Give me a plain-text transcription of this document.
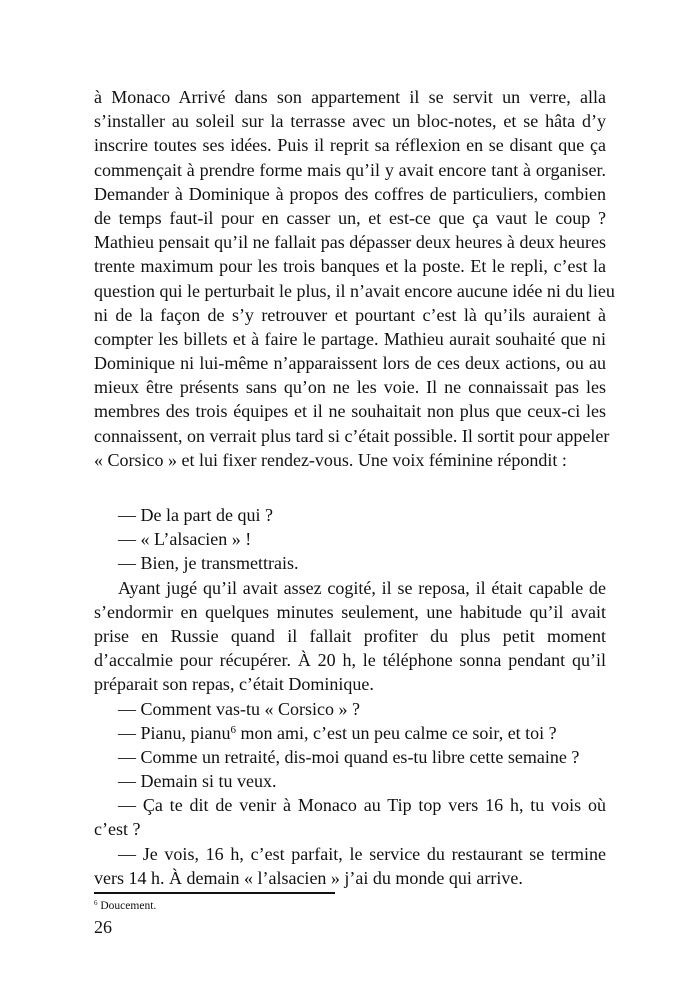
à Monaco Arrivé dans son appartement il se servit un verre, alla
s’installer au soleil sur la terrasse avec un bloc-notes, et se hâta d’y
inscrire toutes ses idées. Puis il reprit sa réflexion en se disant que ça
commençait à prendre forme mais qu’il y avait encore tant à organiser.
Demander à Dominique à propos des coffres de particuliers, combien
de temps faut-il pour en casser un, et est-ce que ça vaut le coup ?
Mathieu pensait qu’il ne fallait pas dépasser deux heures à deux heures
trente maximum pour les trois banques et la poste. Et le repli, c’est la
question qui le perturbait le plus, il n’avait encore aucune idée ni du lieu
ni de la façon de s’y retrouver et pourtant c’est là qu’ils auraient à
compter les billets et à faire le partage. Mathieu aurait souhaité que ni
Dominique ni lui-même n’apparaissent lors de ces deux actions, ou au
mieux être présents sans qu’on ne les voie. Il ne connaissait pas les
membres des trois équipes et il ne souhaitait non plus que ceux-ci les
connaissent, on verrait plus tard si c’était possible. Il sortit pour appeler
« Corsico » et lui fixer rendez-vous. Une voix féminine répondit :
— De la part de qui ?
— « L’alsacien » !
— Bien, je transmettrais.
Ayant jugé qu’il avait assez cogité, il se reposa, il était capable de
s’endormir en quelques minutes seulement, une habitude qu’il avait
prise en Russie quand il fallait profiter du plus petit moment
d’accalmie pour récupérer. À 20 h, le téléphone sonna pendant qu’il
préparait son repas, c’était Dominique.
— Comment vas-tu « Corsico » ?
— Pianu, pianu$^6$ mon ami, c’est un peu calme ce soir, et toi ?
— Comme un retraité, dis-moi quand es-tu libre cette semaine ?
— Demain si tu veux.
— Ça te dit de venir à Monaco au Tip top vers 16 h, tu vois où
c’est ?
— Je vois, 16 h, c’est parfait, le service du restaurant se termine
vers 14 h. À demain « l’alsacien » j’ai du monde qui arrive.
$^6$ Doucement.
26
